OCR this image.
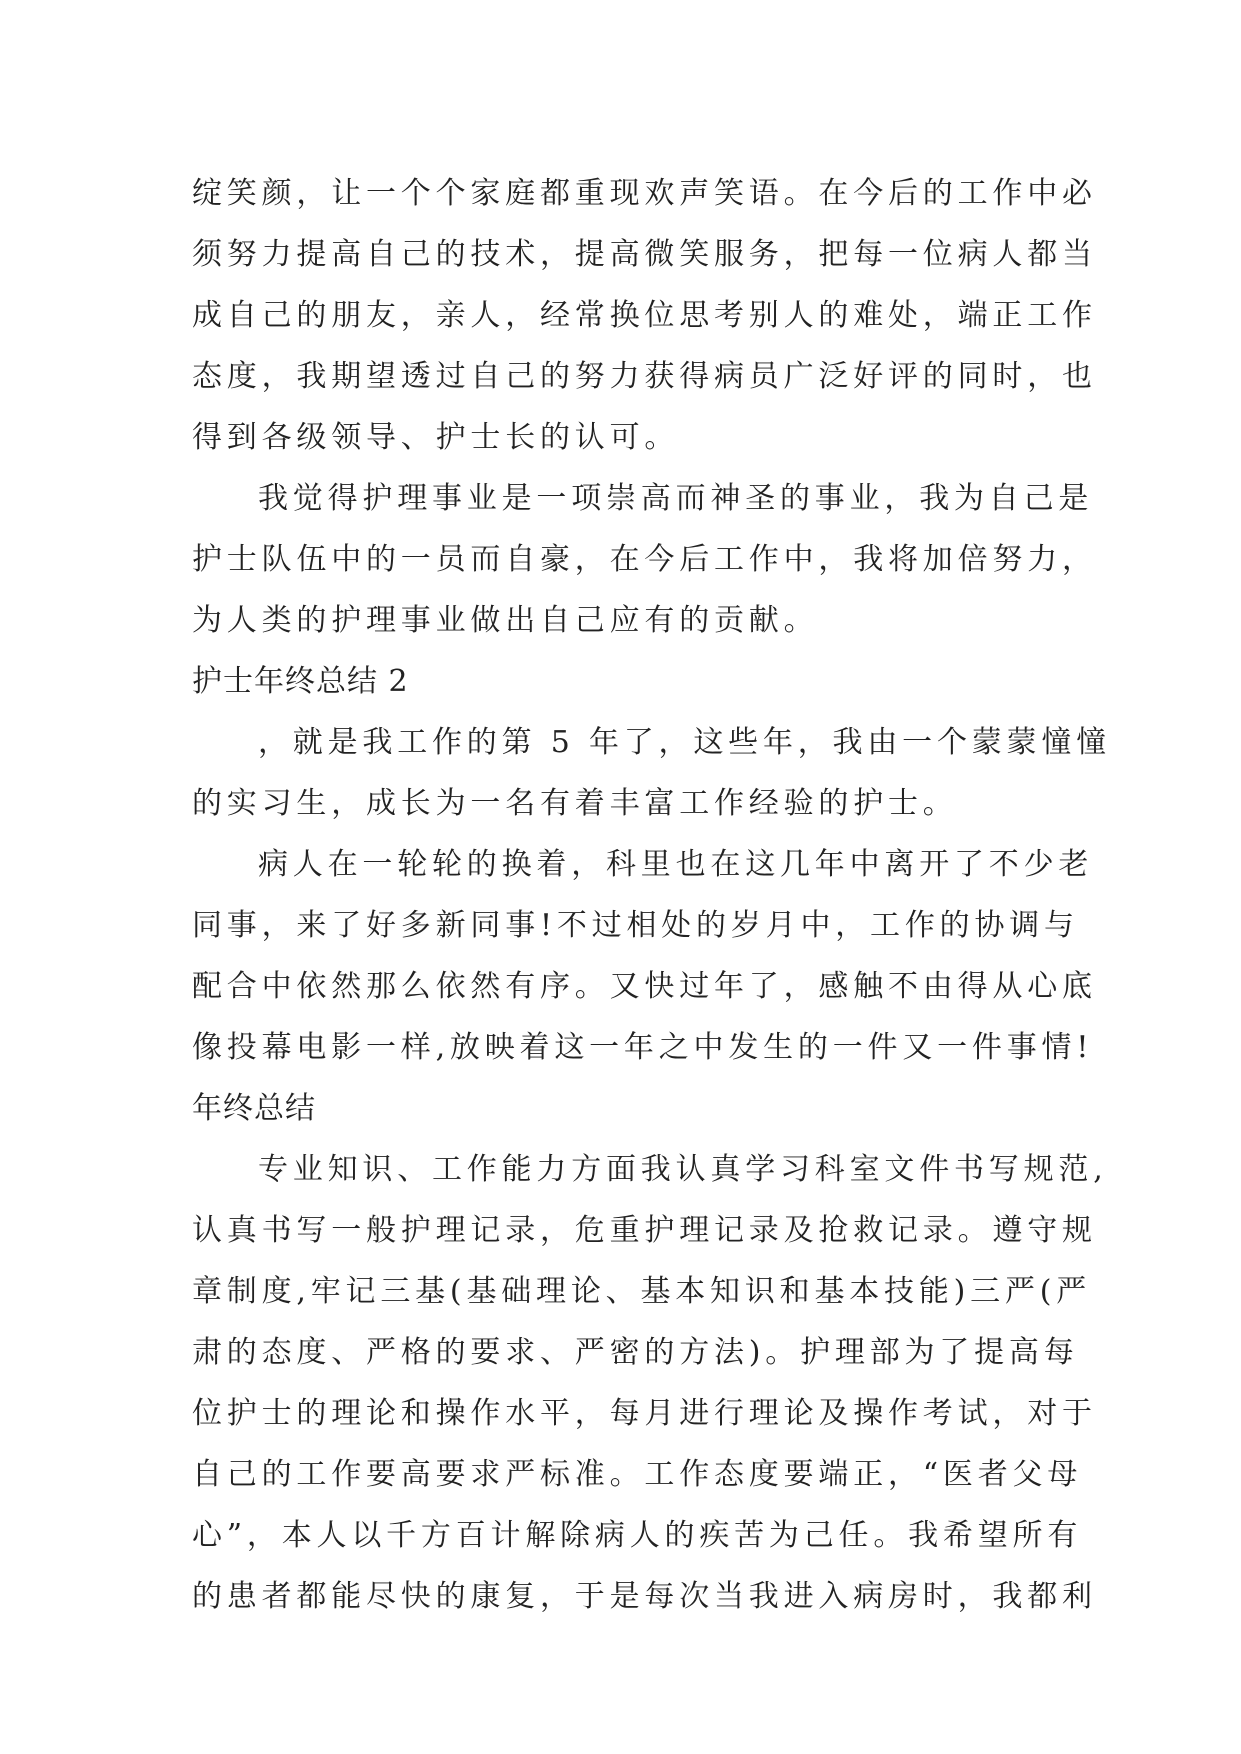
绽笑颜，让一个个家庭都重现欢声笑语。在今后的工作中必
须努力提高自己的技术，提高微笑服务，把每一位病人都当
成自己的朋友，亲人，经常换位思考别人的难处，端正工作
态度，我期望透过自己的努力获得病员广泛好评的同时，也
得到各级领导、护士长的认可。
我觉得护理事业是一项崇高而神圣的事业，我为自己是
护士队伍中的一员而自豪，在今后工作中，我将加倍努力，
为人类的护理事业做出自己应有的贡献。
护士年终总结 2
，就是我工作的第 5 年了，这些年，我由一个蒙蒙憧憧
的实习生，成长为一名有着丰富工作经验的护士。
病人在一轮轮的换着，科里也在这几年中离开了不少老
同事，来了好多新同事!不过相处的岁月中，工作的协调与
配合中依然那么依然有序。又快过年了，感触不由得从心底
像投幕电影一样,放映着这一年之中发生的一件又一件事情!
年终总结
专业知识、工作能力方面我认真学习科室文件书写规范,
认真书写一般护理记录，危重护理记录及抢救记录。遵守规
章制度,牢记三基(基础理论、基本知识和基本技能)三严(严
肃的态度、严格的要求、严密的方法)。护理部为了提高每
位护士的理论和操作水平，每月进行理论及操作考试，对于
自己的工作要高要求严标准。工作态度要端正，“医者父母
心”，本人以千方百计解除病人的疾苦为己任。我希望所有
的患者都能尽快的康复，于是每次当我进入病房时，我都利
